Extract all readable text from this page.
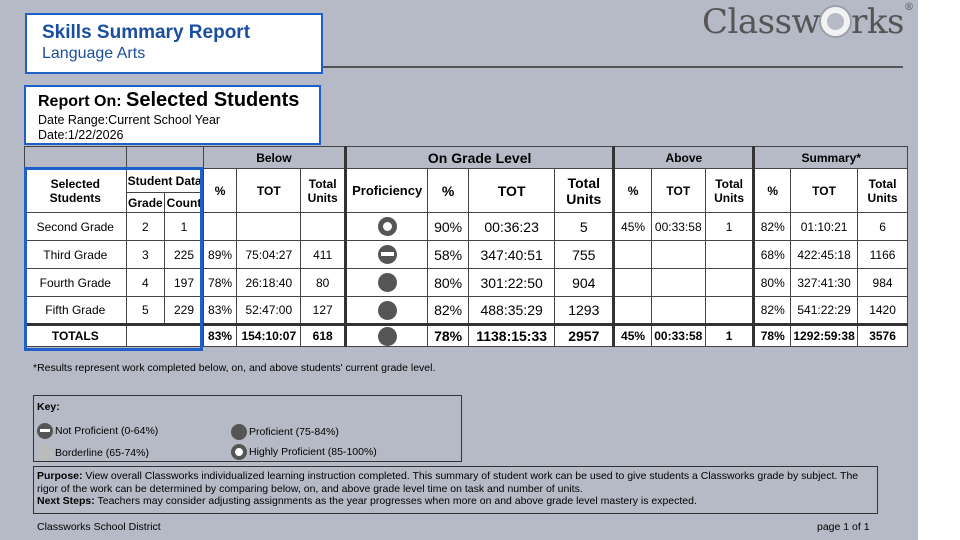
Skills Summary Report
Language Arts
Classw rks®
Report On: Selected Students
Date Range:Current School Year
Date:1/22/2026
			Below			On Grade Level				Above			Summary*		
Selected Students	Student Data		%	TOT	Total Units	Proficiency	%	TOT	Total Units	%	TOT	Total Units	%	TOT	Total Units
	Grade	Count													
Second Grade	2	1					90%	00:36:23	5	45%	00:33:58	1	82%	01:10:21	6
Third Grade	3	225	89%	75:04:27	411		58%	347:40:51	755				68%	422:45:18	1166
Fourth Grade	4	197	78%	26:18:40	80		80%	301:22:50	904				80%	327:41:30	984
Fifth Grade	5	229	83%	52:47:00	127		82%	488:35:29	1293				82%	541:22:29	1420
TOTALS			83%	154:10:07	618		78%	1138:15:33	2957	45%	00:33:58	1	78%	1292:59:38	3576
*Results represent work completed below, on, and above students' current grade level.
Key:
Not Proficient (0-64%)	Proficient (75-84%)
Borderline (65-74%)	Highly Proficient (85-100%)
Purpose: View overall Classworks individualized learning instruction completed. This summary of student work can be used to give students a Classworks grade by subject. The rigor of the work can be determined by comparing below, on, and above grade level time on task and number of units.
Next Steps: Teachers may consider adjusting assignments as the year progresses when more on and above grade level mastery is expected.
Classworks School District	page 1 of 1
